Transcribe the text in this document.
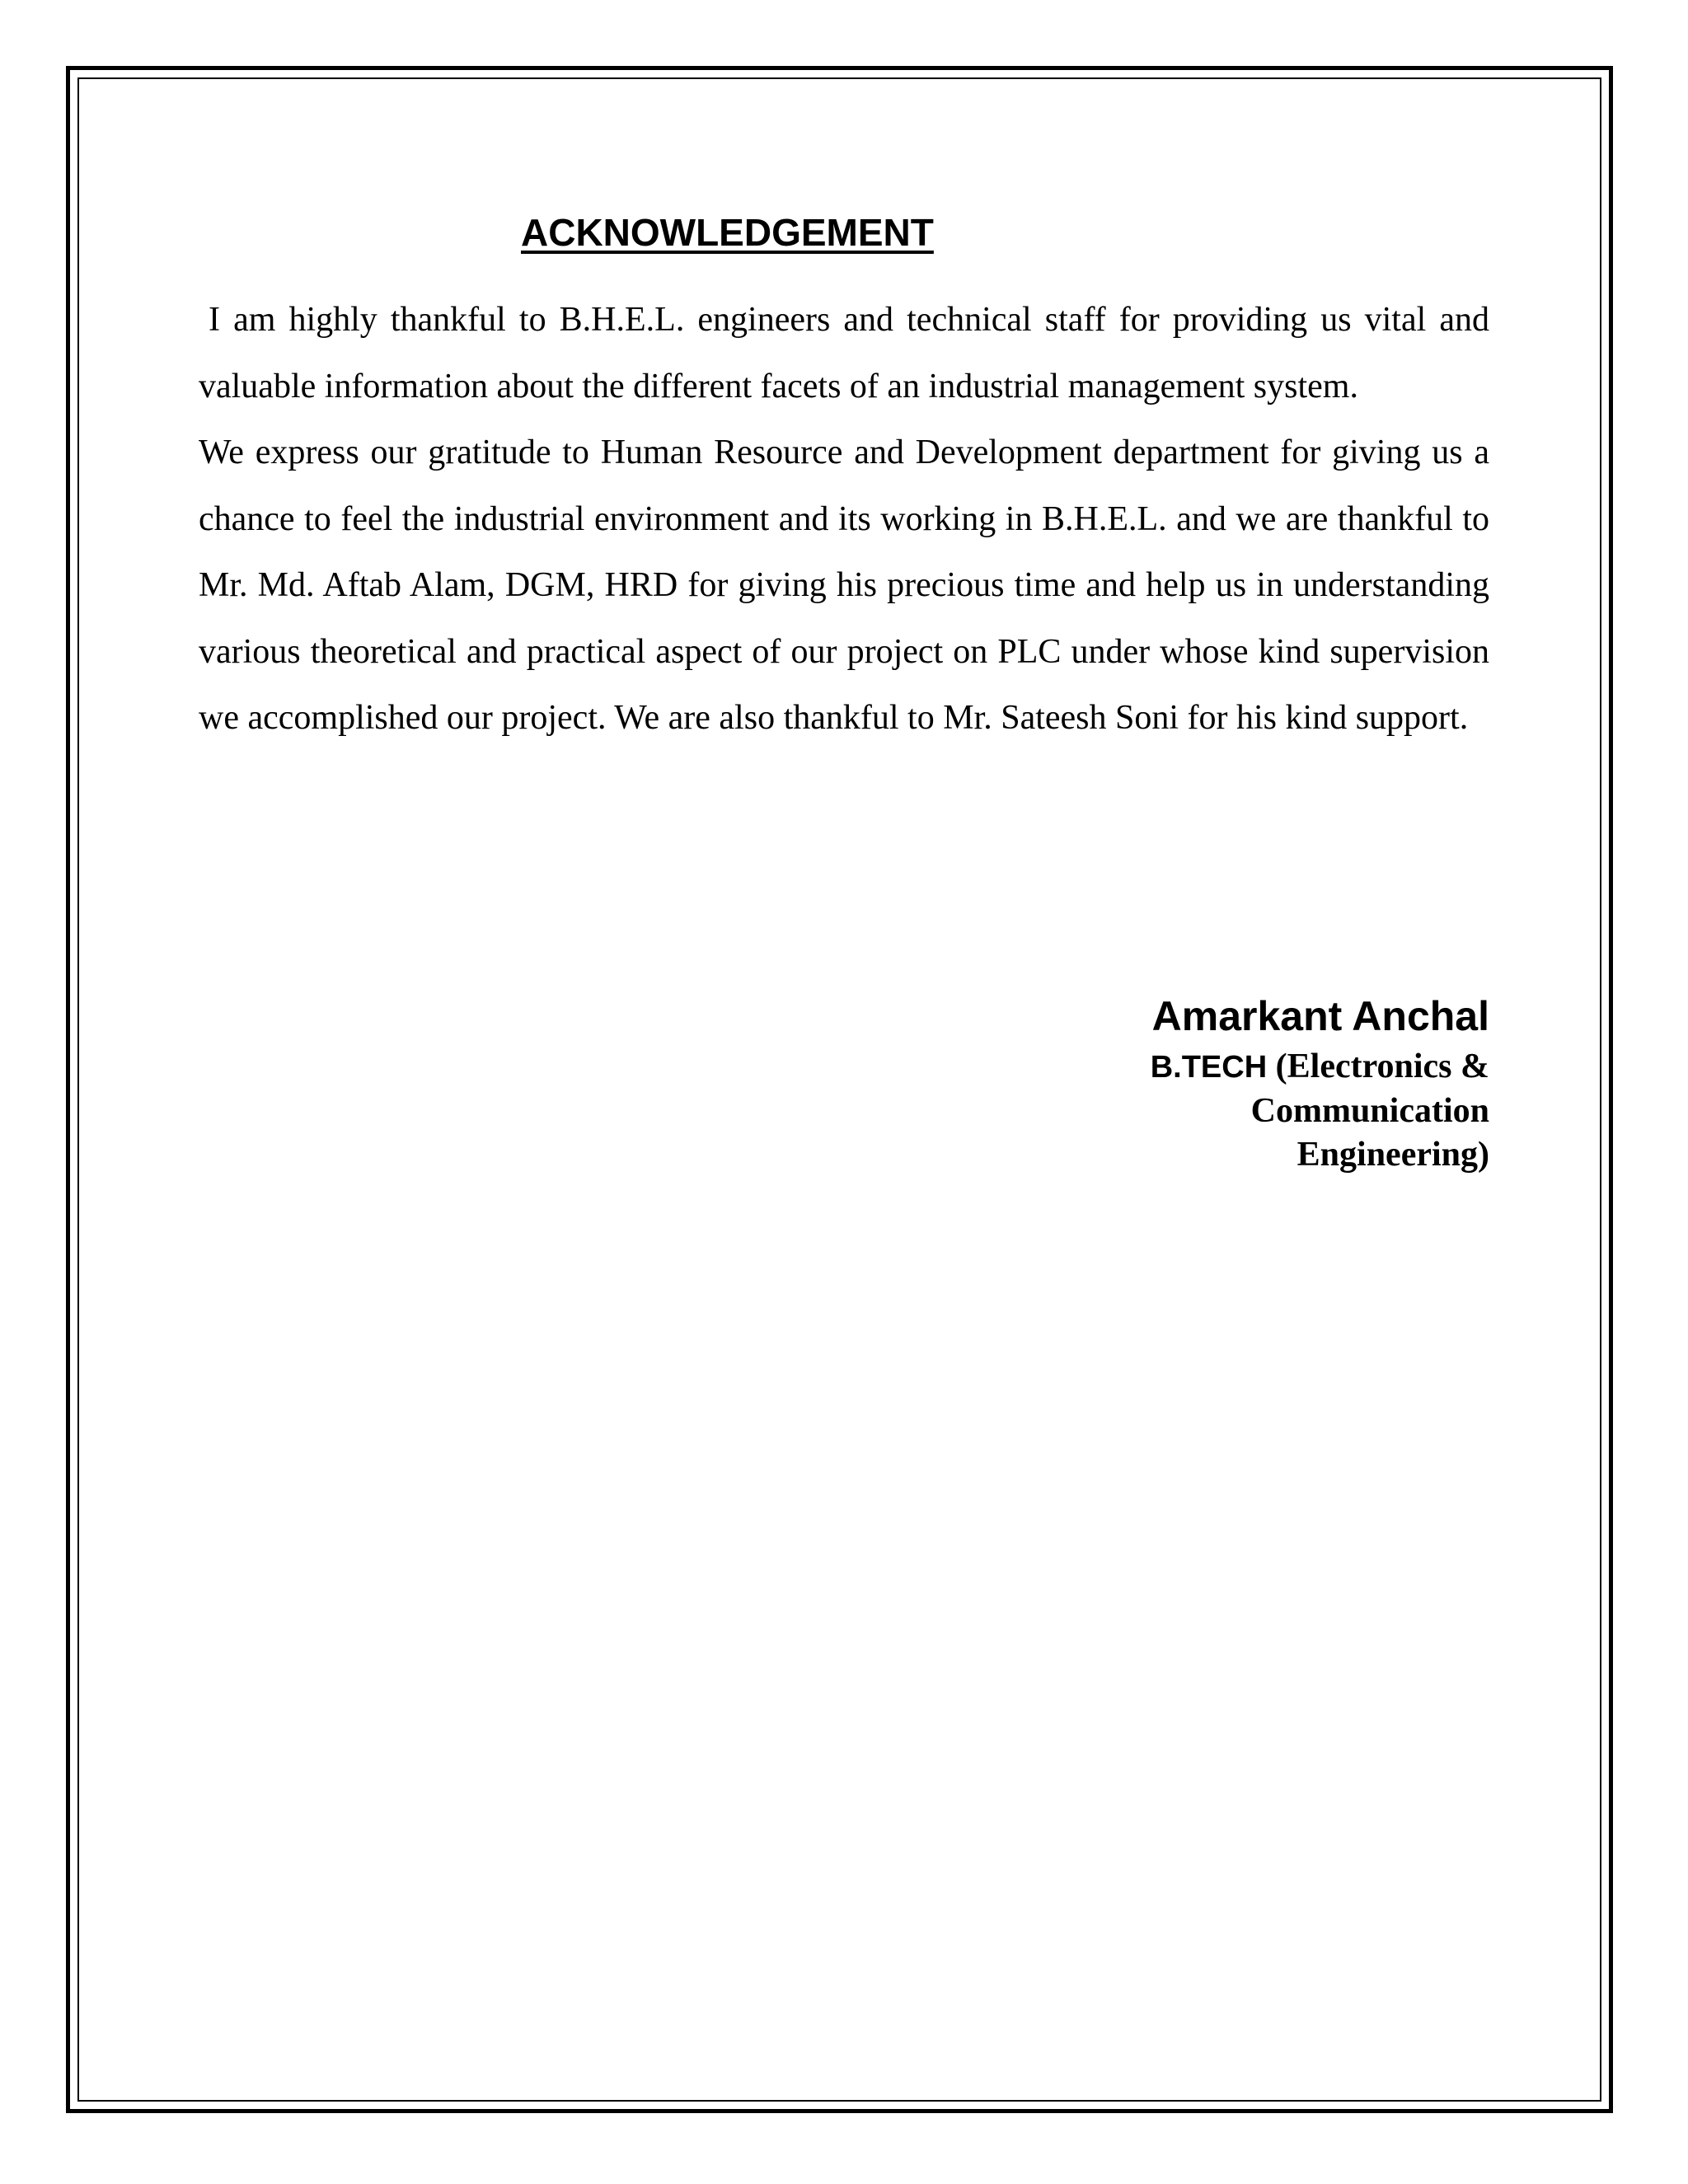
ACKNOWLEDGEMENT

I am highly thankful to B.H.E.L. engineers and technical staff for providing us vital and valuable information about the different facets of an industrial management system.

We express our gratitude to Human Resource and Development department for giving us a chance to feel the industrial environment and its working in B.H.E.L. and we are thankful to Mr. Md. Aftab Alam, DGM, HRD for giving his precious time and help us in understanding various theoretical and practical aspect of our project on PLC under whose kind supervision we accomplished our project. We are also thankful to Mr. Sateesh Soni for his kind support.

Amarkant Anchal

B.TECH (Electronics &

Communication

Engineering)
